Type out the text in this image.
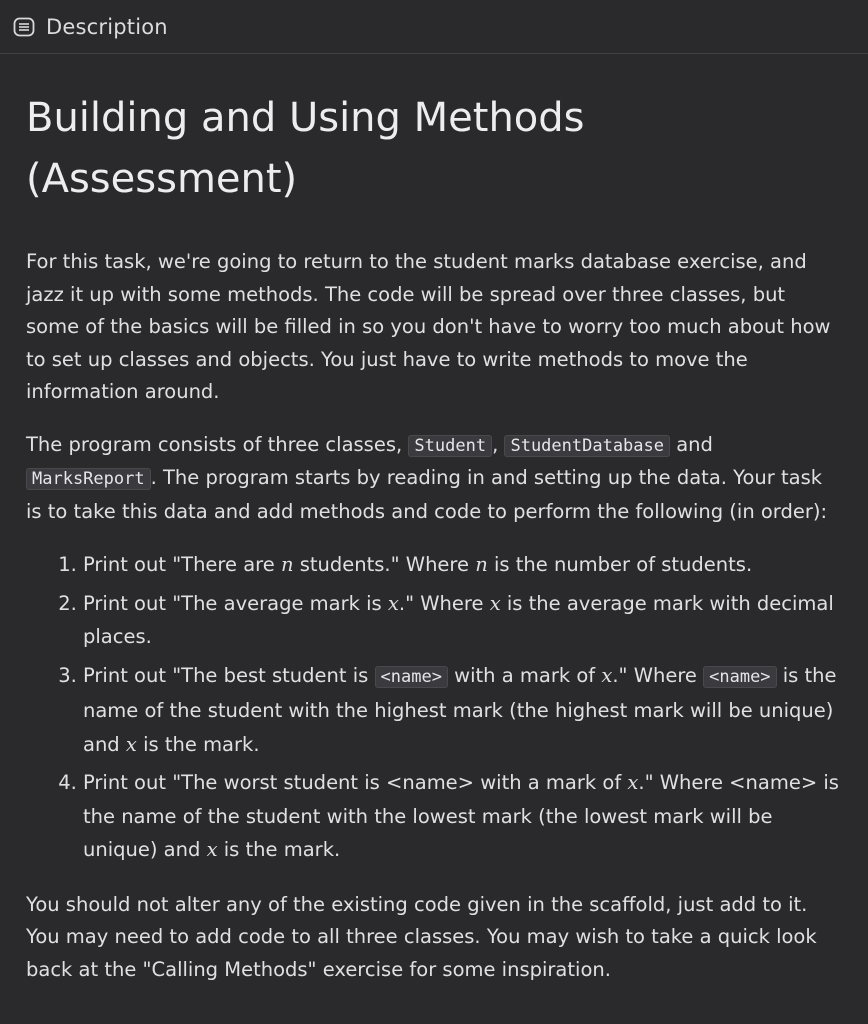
Description
Building and Using Methods (Assessment)

For this task, we're going to return to the student marks database exercise, and jazz it up with some methods. The code will be spread over three classes, but some of the basics will be filled in so you don't have to worry too much about how to set up classes and objects. You just have to write methods to move the information around.

The program consists of three classes, Student , StudentDatabase and MarksReport . The program starts by reading in and setting up the data. Your task is to take this data and add methods and code to perform the following (in order):

1. Print out "There are n students." Where n is the number of students.
2. Print out "The average mark is x." Where x is the average mark with decimal places.
3. Print out "The best student is <name> with a mark of x." Where <name> is the name of the student with the highest mark (the highest mark will be unique) and x is the mark.
4. Print out "The worst student is <name> with a mark of x." Where <name> is the name of the student with the lowest mark (the lowest mark will be unique) and x is the mark.

You should not alter any of the existing code given in the scaffold, just add to it. You may need to add code to all three classes. You may wish to take a quick look back at the "Calling Methods" exercise for some inspiration.
